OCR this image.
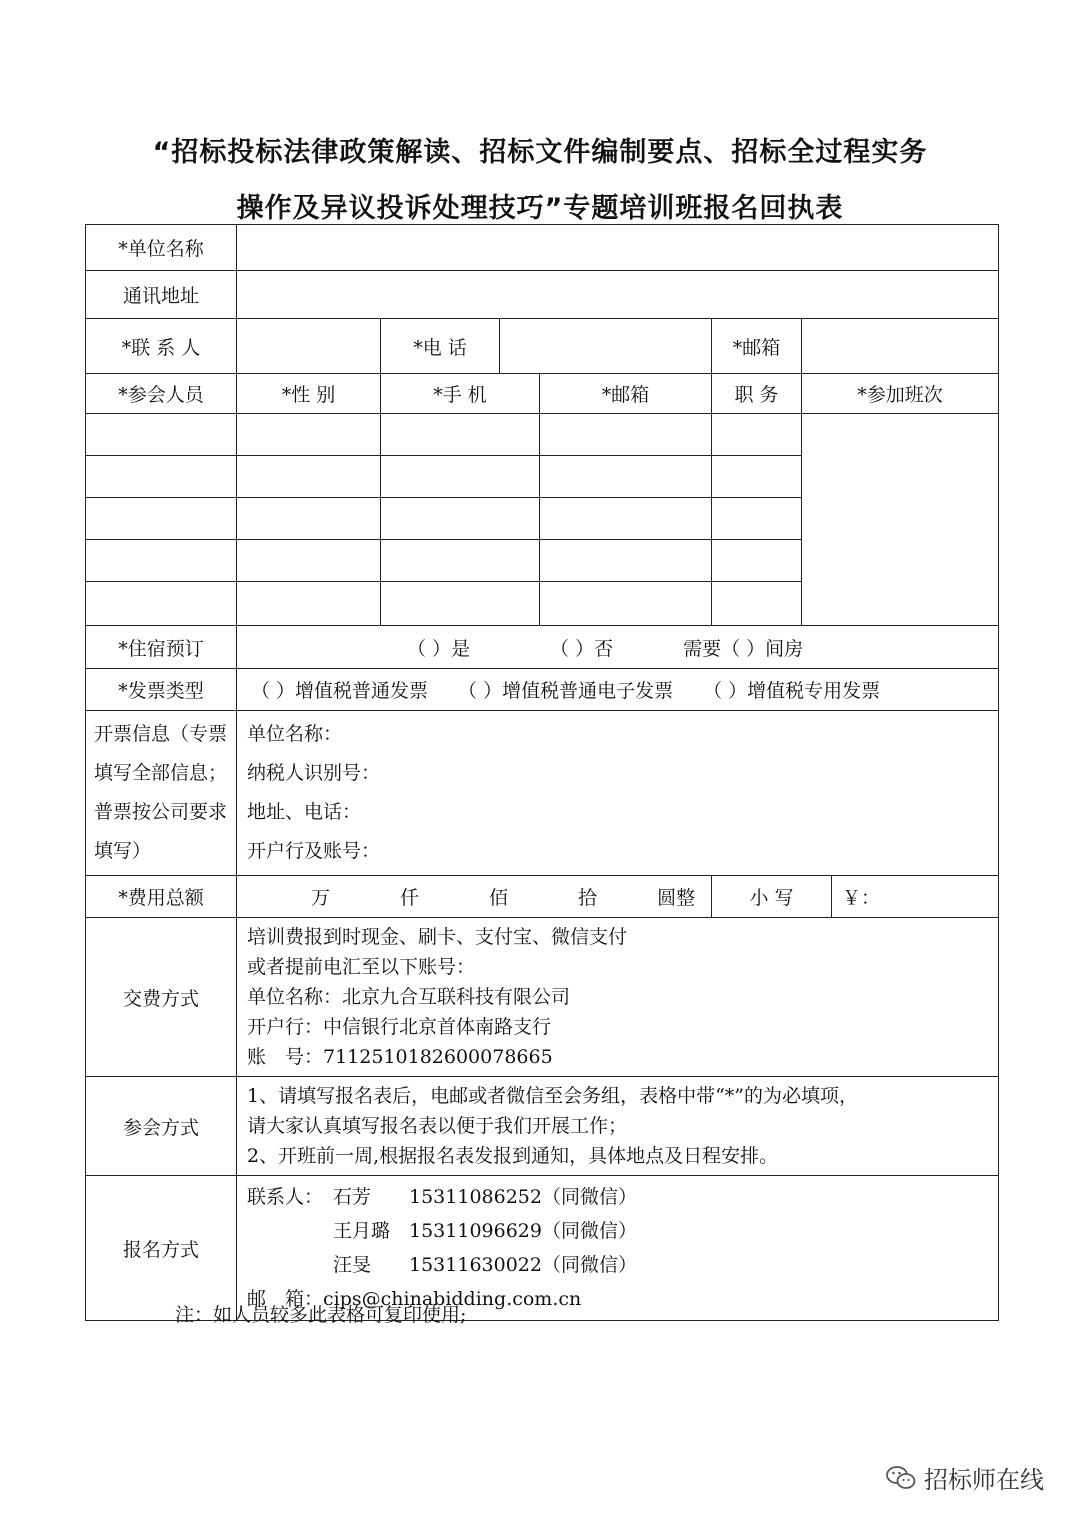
“招标投标法律政策解读、招标文件编制要点、招标全过程实务
操作及异议投诉处理技巧”专题培训班报名回执表
*单位名称							
通讯地址							
*联 系 人		*电 话			*邮箱		
*参会人员	*性 别	*手 机		*邮箱	职 务	*参加班次	

*住宿预订	（ ）是 （ ）否 需要（ ）间房						
*发票类型	（ ）增值税普通发票 （ ）增值税普通电子发票 （ ）增值税专用发票						
开票信息（专票填写全部信息；普票按公司要求填写）	单位名称：
纳税人识别号：
地址、电话：
开户行及账号：						

*费用总额	万 仟 佰 拾 圆整				小 写		￥：
交费方式	培训费报到时现金、刷卡、支付宝、微信支付
或者提前电汇至以下账号：
单位名称：北京九合互联科技有限公司
开户行：中信银行北京首体南路支行
账　号：7112510182600078665						

参会方式	1、请填写报名表后，电邮或者微信至会务组，表格中带“*”的为必填项，
请大家认真填写报名表以便于我们开展工作；
2、开班前一周,根据报名表发报到通知，具体地点及日程安排。						

报名方式	联系人： 石芳 15311086252（同微信）
王月璐 15311096629（同微信）
汪旻 15311630022（同微信）
邮　箱：cips@chinabidding.com.cn						
注：如人员较多此表格可复印使用;
招标师在线
